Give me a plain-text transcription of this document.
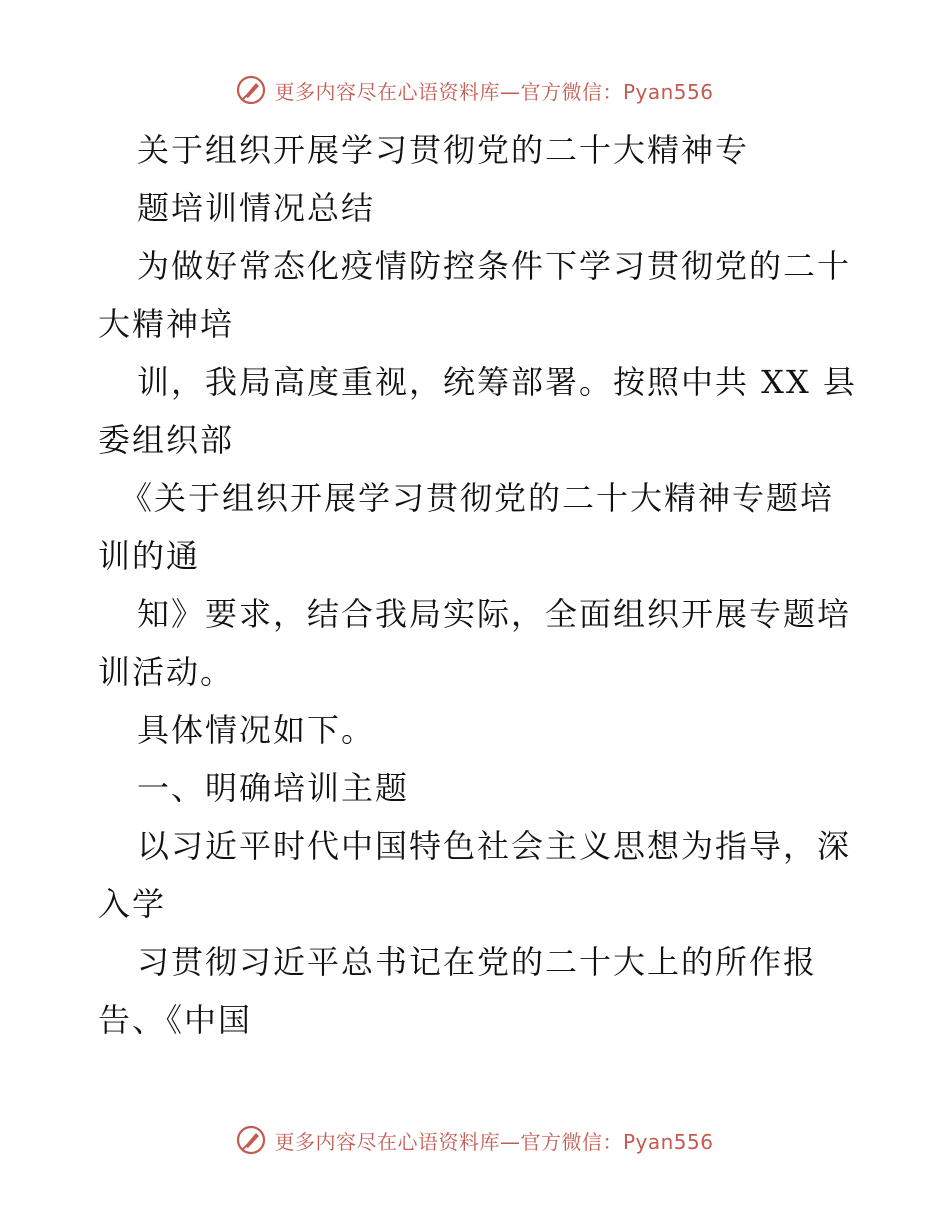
更多内容尽在心语资料库—官方微信：Pyan556
关于组织开展学习贯彻党的二十大精神专
题培训情况总结
为做好常态化疫情防控条件下学习贯彻党的二十
大精神培
训，我局高度重视，统筹部署。按照中共 XX 县
委组织部
《关于组织开展学习贯彻党的二十大精神专题培
训的通
知》要求，结合我局实际，全面组织开展专题培
训活动。
具体情况如下。
一、明确培训主题
以习近平时代中国特色社会主义思想为指导，深
入学
习贯彻习近平总书记在党的二十大上的所作报
告、《中国
更多内容尽在心语资料库—官方微信：Pyan556
